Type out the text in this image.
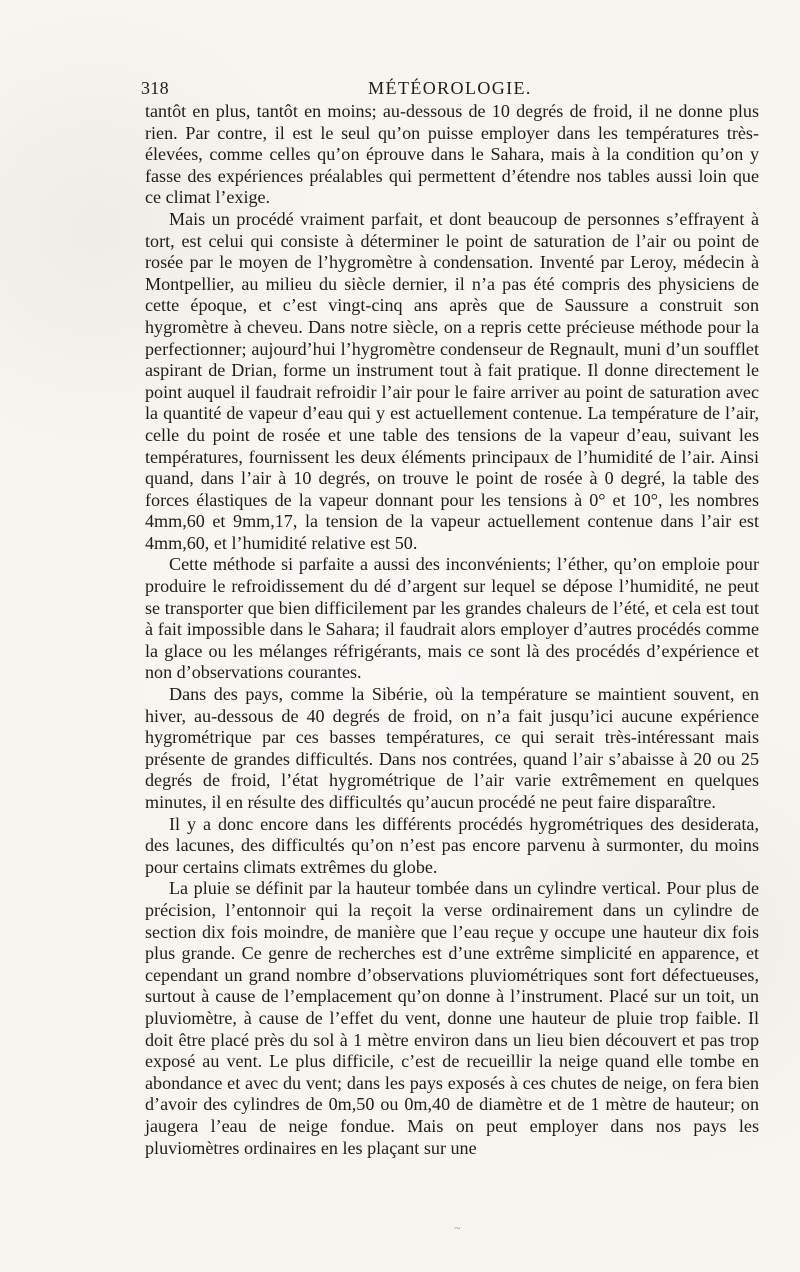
318	MÉTÉOROLOGIE.

tantôt en plus, tantôt en moins; au-dessous de 10 degrés de froid, il ne donne plus rien. Par contre, il est le seul qu’on puisse employer dans les températures très-élevées, comme celles qu’on éprouve dans le Sahara, mais à la condition qu’on y fasse des expériences préalables qui permettent d’étendre nos tables aussi loin que ce climat l’exige.

Mais un procédé vraiment parfait, et dont beaucoup de personnes s’effrayent à tort, est celui qui consiste à déterminer le point de saturation de l’air ou point de rosée par le moyen de l’hygromètre à condensation. Inventé par Leroy, médecin à Montpellier, au milieu du siècle dernier, il n’a pas été compris des physiciens de cette époque, et c’est vingt-cinq ans après que de Saussure a construit son hygromètre à cheveu. Dans notre siècle, on a repris cette précieuse méthode pour la perfectionner; aujourd’hui l’hygromètre condenseur de Regnault, muni d’un soufflet aspirant de Drian, forme un instrument tout à fait pratique. Il donne directement le point auquel il faudrait refroidir l’air pour le faire arriver au point de saturation avec la quantité de vapeur d’eau qui y est actuellement contenue. La température de l’air, celle du point de rosée et une table des tensions de la vapeur d’eau, suivant les températures, fournissent les deux éléments principaux de l’humidité de l’air. Ainsi quand, dans l’air à 10 degrés, on trouve le point de rosée à 0 degré, la table des forces élastiques de la vapeur donnant pour les tensions à 0° et 10°, les nombres 4mm,60 et 9mm,17, la tension de la vapeur actuellement contenue dans l’air est 4mm,60, et l’humidité relative est 50.

Cette méthode si parfaite a aussi des inconvénients; l’éther, qu’on emploie pour produire le refroidissement du dé d’argent sur lequel se dépose l’humidité, ne peut se transporter que bien difficilement par les grandes chaleurs de l’été, et cela est tout à fait impossible dans le Sahara; il faudrait alors employer d’autres procédés comme la glace ou les mélanges réfrigérants, mais ce sont là des procédés d’expérience et non d’observations courantes.

Dans des pays, comme la Sibérie, où la température se maintient souvent, en hiver, au-dessous de 40 degrés de froid, on n’a fait jusqu’ici aucune expérience hygrométrique par ces basses températures, ce qui serait très-intéressant mais présente de grandes difficultés. Dans nos contrées, quand l’air s’abaisse à 20 ou 25 degrés de froid, l’état hygrométrique de l’air varie extrêmement en quelques minutes, il en résulte des difficultés qu’aucun procédé ne peut faire disparaître.

Il y a donc encore dans les différents procédés hygrométriques des desiderata, des lacunes, des difficultés qu’on n’est pas encore parvenu à surmonter, du moins pour certains climats extrêmes du globe.

La pluie se définit par la hauteur tombée dans un cylindre vertical. Pour plus de précision, l’entonnoir qui la reçoit la verse ordinairement dans un cylindre de section dix fois moindre, de manière que l’eau reçue y occupe une hauteur dix fois plus grande. Ce genre de recherches est d’une extrême simplicité en apparence, et cependant un grand nombre d’observations pluviométriques sont fort défectueuses, surtout à cause de l’emplacement qu’on donne à l’instrument. Placé sur un toit, un pluviomètre, à cause de l’effet du vent, donne une hauteur de pluie trop faible. Il doit être placé près du sol à 1 mètre environ dans un lieu bien découvert et pas trop exposé au vent. Le plus difficile, c’est de recueillir la neige quand elle tombe en abondance et avec du vent; dans les pays exposés à ces chutes de neige, on fera bien d’avoir des cylindres de 0m,50 ou 0m,40 de diamètre et de 1 mètre de hauteur; on jaugera l’eau de neige fondue. Mais on peut employer dans nos pays les pluviomètres ordinaires en les plaçant sur une

~
